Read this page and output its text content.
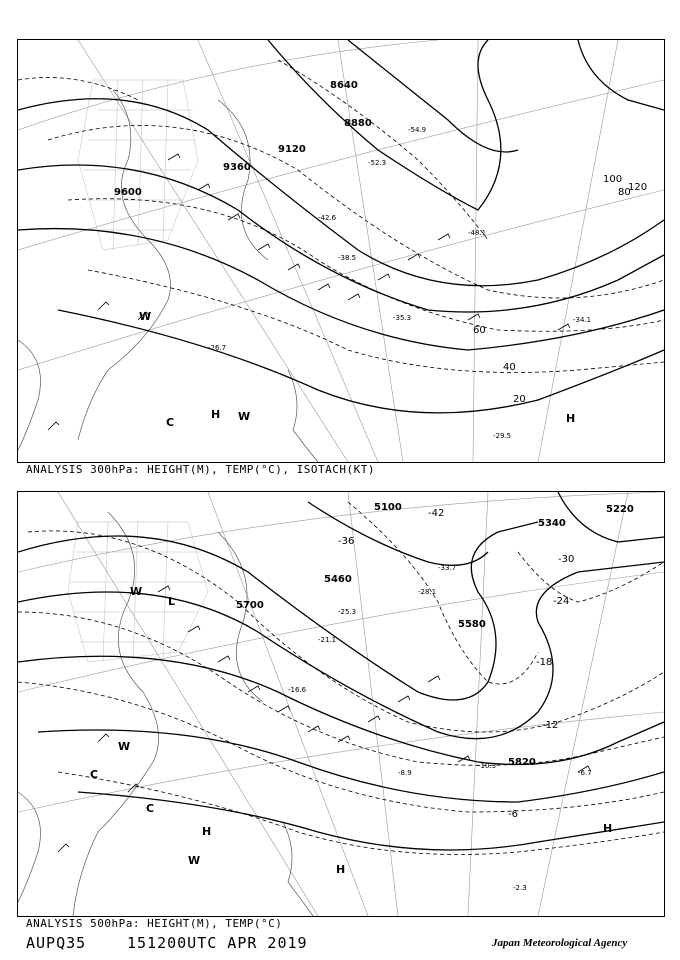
8640
8880
9120
9360
9600
20
40
60
80
100
120
-54.9
-52.3
-48.1
-42.6
-38.5
-35.3	-34.1
-29.5
-26.7
H	H
C
W
W
ANALYSIS 300hPa: HEIGHT(M), TEMP(°C), ISOTACH(KT)
5100	5220
5340
5460
5580
5700
5820
-42
-36
-30
-24
-18
-12
-6
-33.7
-28.1
-25.3
-21.1
-16.6
-10.3
-8.9	-6.7
-2.3
H
H
H
L
C
C
W
W
W
ANALYSIS 500hPa: HEIGHT(M), TEMP(°C)
AUPQ35	151200UTC APR 2019	Japan Meteorological Agency
